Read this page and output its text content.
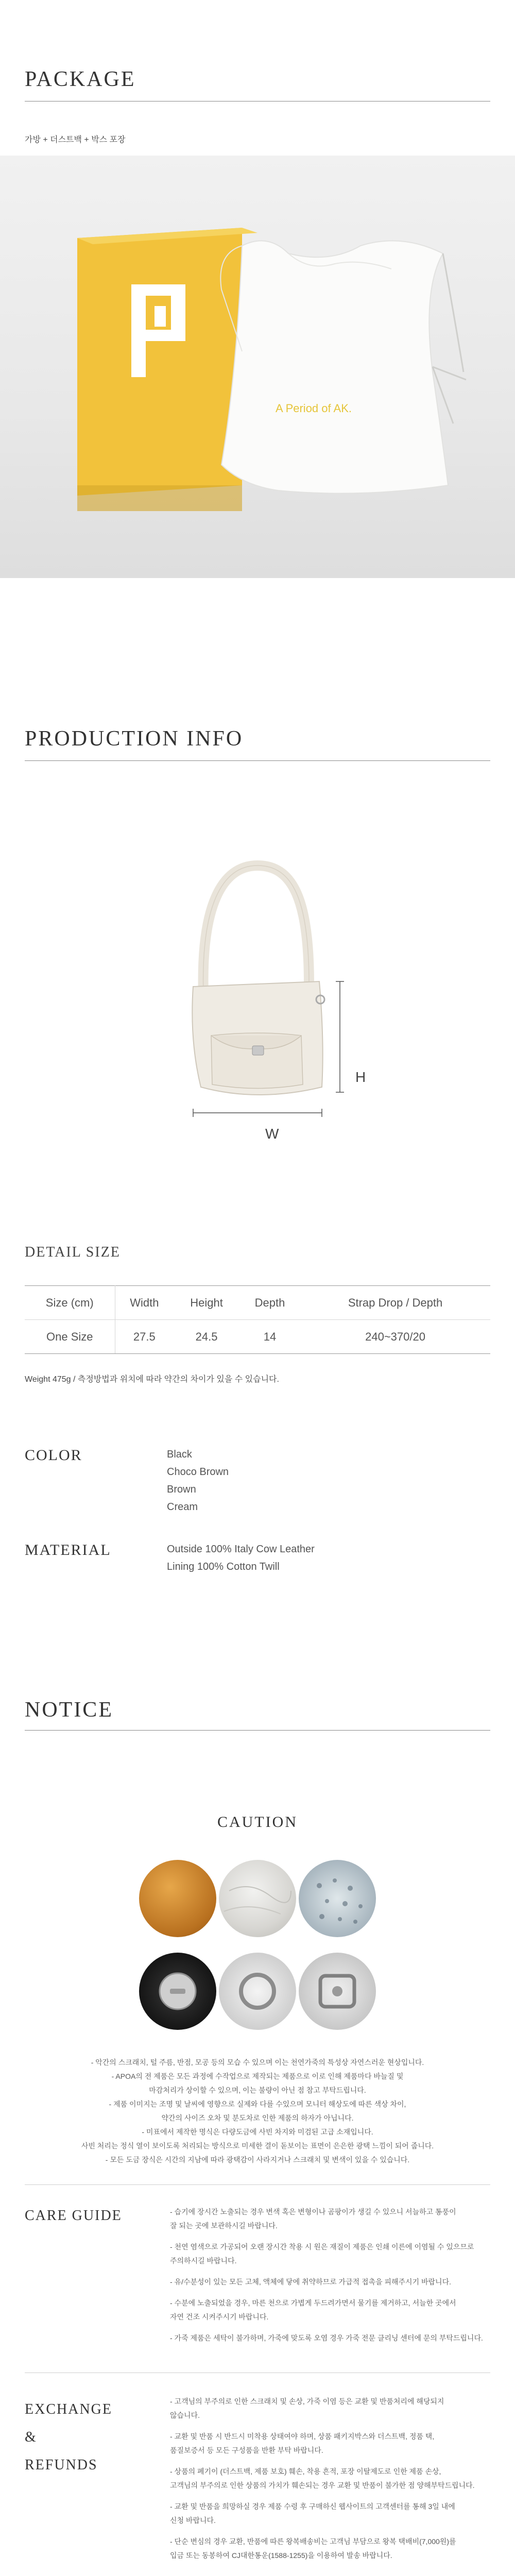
PACKAGE
가방 + 더스트백 + 박스 포장
A Period of AK.
PRODUCTION INFO
H
W
DETAIL SIZE
Size (cm)	Width	Height	Depth	Strap Drop / Depth
One Size	27.5	24.5	14	240~370/20
Weight 475g / 측정방법과 위치에 따라 약간의 차이가 있을 수 있습니다.
COLOR	Black
Choco Brown
Brown
Cream
MATERIAL	Outside 100% Italy Cow Leather
Lining 100% Cotton Twill
NOTICE
CAUTION
- 악간의 스크래치, 털 주름, 반점, 모공 등의 모습 수 있으며 이는 천연가죽의 특성상 자연스러운 현상입니다.
- APOA의 전 제품은 모든 과정에 수작업으로 제작되는 제품으로 이로 인해 제품마다 바늘질 및
마감처리가 상이할 수 있으며, 이는 불량이 아닌 점 참고 부탁드립니다.
- 제품 이미지는 조명 및 날씨에 영향으로 실제와 다를 수있으며 모니터 해상도에 따른 색상 차이,
약간의 사이즈 오차 및 분도차로 인한 제품의 하자가 아닙니다.
- 미표에서 제작한 명식은 다량도금에 사빈 차지와 미검된 고급 소재입니다.
사빈 처리는 정식 열이 보이도록 처리되는 방식으로 미세한 결이 돋보이는 표면이 은은한 광택 느낌이 되어 줍니다.
- 모든 도금 장식은 시간의 지남에 따라 광택감이 사라지거나 스크래치 및 변색이 있을 수 있습니다.
CARE GUIDE	- 습기에 장시간 노출되는 경우 변색 혹은 변형이나 곰팡이가 생길 수 있으니 서늘하고 통풍이
잘 되는 곳에 보관하시길 바랍니다.
- 천연 염색으로 가공되어 오랜 장시간 착용 시 원은 재질이 제품은 인쇄 이른에 이염될 수 있으므로
주의하시길 바랍니다.
- 유/수분성이 있는 모든 고체, 액체에 닿에 취약하므로 가급적 접촉을 피해주시기 바랍니다.
- 수분에 노출되었을 경우, 마른 천으로 가볍게 두드려가면서 물기를 제거하고, 서늘한 곳에서
자연 건조 시켜주시기 바랍니다.
- 가죽 제품은 세탁이 불가하며, 가죽에 맞도록 오염 경우 가죽 전문 클리닝 센터에 문의 부탁드립니다.
EXCHANGE
&
REFUNDS
- 고객님의 부주의로 인한 스크래치 및 손상, 가죽 이염 등은 교환 및 반품처리에 해당되지
않습니다.
- 교환 및 반품 시 반드시 미착용 상태여야 하며, 상품 패키지박스와 더스트백, 정품 택,
품질보증서 등 모든 구성품을 반환 부탁 바랍니다.
- 상품의 폐기이 (더스트백, 제품 보호) 훼손, 착용 흔적, 포장 이탈제도로 인한 제품 손상,
고객님의 부주의로 인한 상품의 가치가 훼손되는 경우 교환 및 반품이 불가한 점 양해부탁드립니다.
- 교환 및 반품을 희망하실 경우 제품 수령 후 구매하신 웹사이트의 고객센터를 통해 3일 내에
신청 바랍니다.
- 단순 변심의 경우 교환, 반품에 따른 왕복배송비는 고객님 부담으로 왕복 택배비(7,000원)를
입금 또는 동봉하여 CJ대한통운(1588-1255)을 이용하여 발송 바랍니다.
